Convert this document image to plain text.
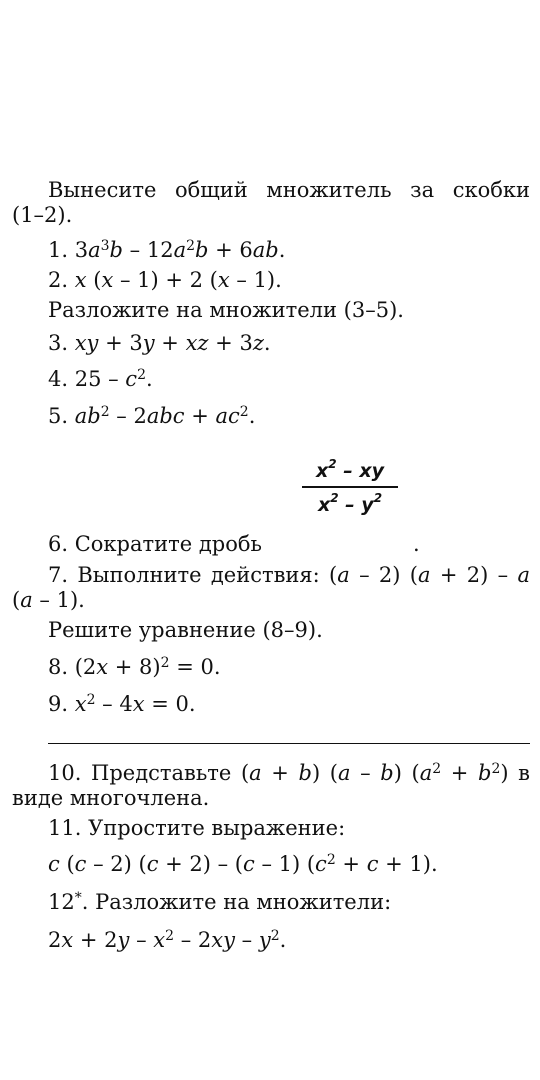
Вынесите общий множитель за скобки
(1–2).
1. $3a^3b - 12a^2b + 6ab$.
2. x (x – 1) + 2 (x – 1).
Разложите на множители (3–5).
3. xy + 3y + xz + 3z.
4. $25 - c^2$.
5. $ab^2 - 2abc + ac^2$.
$x^2$ – xy
$x^2 - y^2$
6. Сократите дробь	.
7. Выполните действия: (a – 2) (a + 2) – a
(a – 1).
Решите уравнение (8–9).
8. $(2x + 8)^2 = 0$.
9. $x^2 - 4x = 0$.
10. Представьте (a + b) (a – b) $(a^2 + b^2)$ в
виде многочлена.
11. Упростите выражение:
c (c – 2) (c + 2) – (c – 1) $(c^2 + c + 1)$.
12*. Разложите на множители:
$2x + 2y - x^2 - 2xy - y^2$.
